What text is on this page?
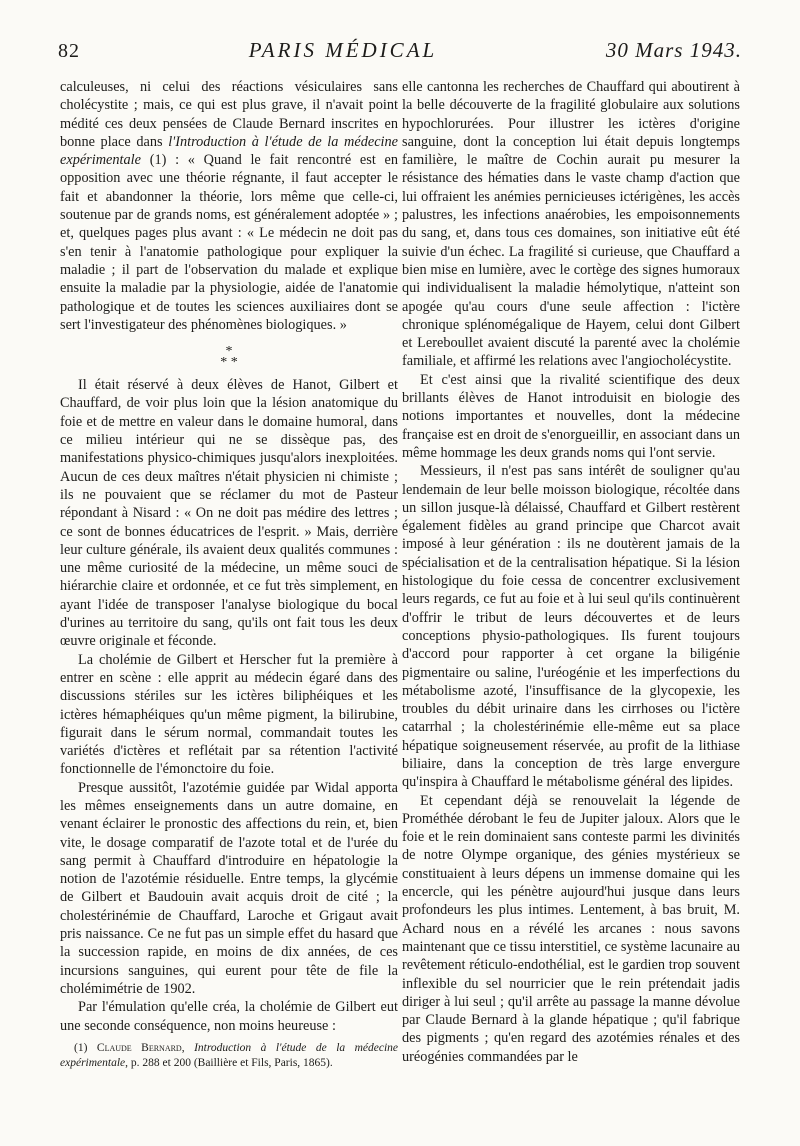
82	PARIS MÉDICAL	30 Mars 1943.

calculeuses, ni celui des réactions vésiculaires sans cholécystite ; mais, ce qui est plus grave, il n'avait point médité ces deux pensées de Claude Bernard inscrites en bonne place dans l'Introduction à l'étude de la médecine expérimentale (1) : « Quand le fait rencontré est en opposition avec une théorie régnante, il faut accepter le fait et abandonner la théorie, lors même que celle-ci, soutenue par de grands noms, est généralement adoptée » ; et, quelques pages plus avant : « Le médecin ne doit pas s'en tenir à l'anatomie pathologique pour expliquer la maladie ; il part de l'observation du malade et explique ensuite la maladie par la physiologie, aidée de l'anatomie pathologique et de toutes les sciences auxiliaires dont se sert l'investigateur des phénomènes biologiques. »

*
* *

Il était réservé à deux élèves de Hanot, Gilbert et Chauffard, de voir plus loin que la lésion anatomique du foie et de mettre en valeur dans le domaine humoral, dans ce milieu intérieur qui ne se dissèque pas, des manifestations physico-chimiques jusqu'alors inexploitées. Aucun de ces deux maîtres n'était physicien ni chimiste ; ils ne pouvaient que se réclamer du mot de Pasteur répondant à Nisard : « On ne doit pas médire des lettres ; ce sont de bonnes éducatrices de l'esprit. » Mais, derrière leur culture générale, ils avaient deux qualités communes : une même curiosité de la médecine, un même souci de hiérarchie claire et ordonnée, et ce fut très simplement, en ayant l'idée de transposer l'analyse biologique du bocal d'urines au territoire du sang, qu'ils ont fait tous les deux œuvre originale et féconde.

La cholémie de Gilbert et Herscher fut la première à entrer en scène : elle apprit au médecin égaré dans des discussions stériles sur les ictères biliphéiques et les ictères hémaphéiques qu'un même pigment, la bilirubine, figurait dans le sérum normal, commandait toutes les variétés d'ictères et reflétait par sa rétention l'activité fonctionnelle de l'émonctoire du foie.

Presque aussitôt, l'azotémie guidée par Widal apporta les mêmes enseignements dans un autre domaine, en venant éclairer le pronostic des affections du rein, et, bien vite, le dosage comparatif de l'azote total et de l'urée du sang permit à Chauffard d'introduire en hépatologie la notion de l'azotémie résiduelle. Entre temps, la glycémie de Gilbert et Baudouin avait acquis droit de cité ; la cholestérinémie de Chauffard, Laroche et Grigaut avait pris naissance. Ce ne fut pas un simple effet du hasard que la succession rapide, en moins de dix années, de ces incursions sanguines, qui eurent pour tête de file la cholémimétrie de 1902.

Par l'émulation qu'elle créa, la cholémie de Gilbert eut une seconde conséquence, non moins heureuse :

(1) Claude Bernard, Introduction à l'étude de la médecine expérimentale, p. 288 et 200 (Baillière et Fils, Paris, 1865).

elle cantonna les recherches de Chauffard qui aboutirent à la belle découverte de la fragilité globulaire aux solutions hypochlorurées. Pour illustrer les ictères d'origine sanguine, dont la conception lui était depuis longtemps familière, le maître de Cochin aurait pu mesurer la résistance des hématies dans le vaste champ d'action que lui offraient les anémies pernicieuses ictérigènes, les accès palustres, les infections anaérobies, les empoisonnements du sang, et, dans tous ces domaines, son initiative eût été suivie d'un échec. La fragilité si curieuse, que Chauffard a bien mise en lumière, avec le cortège des signes humoraux qui individualisent la maladie hémolytique, n'atteint son apogée qu'au cours d'une seule affection : l'ictère chronique splénomégalique de Hayem, celui dont Gilbert et Lereboullet avaient discuté la parenté avec la cholémie familiale, et affirmé les relations avec l'angiocholécystite.

Et c'est ainsi que la rivalité scientifique des deux brillants élèves de Hanot introduisit en biologie des notions importantes et nouvelles, dont la médecine française est en droit de s'enorgueillir, en associant dans un même hommage les deux grands noms qui l'ont servie.

Messieurs, il n'est pas sans intérêt de souligner qu'au lendemain de leur belle moisson biologique, récoltée dans un sillon jusque-là délaissé, Chauffard et Gilbert restèrent également fidèles au grand principe que Charcot avait imposé à leur génération : ils ne doutèrent jamais de la spécialisation et de la centralisation hépatique. Si la lésion histologique du foie cessa de concentrer exclusivement leurs regards, ce fut au foie et à lui seul qu'ils continuèrent d'offrir le tribut de leurs découvertes et de leurs conceptions physio-pathologiques. Ils furent toujours d'accord pour rapporter à cet organe la biligénie pigmentaire ou saline, l'uréogénie et les imperfections du métabolisme azoté, l'insuffisance de la glycopexie, les troubles du débit urinaire dans les cirrhoses ou l'ictère catarrhal ; la cholestérinémie elle-même eut sa place hépatique soigneusement réservée, au profit de la lithiase biliaire, dans la conception de très large envergure qu'inspira à Chauffard le métabolisme général des lipides.

Et cependant déjà se renouvelait la légende de Prométhée dérobant le feu de Jupiter jaloux. Alors que le foie et le rein dominaient sans conteste parmi les divinités de notre Olympe organique, des génies mystérieux se constituaient à leurs dépens un immense domaine qui les encercle, qui les pénètre aujourd'hui jusque dans leurs profondeurs les plus intimes. Lentement, à bas bruit, M. Achard nous en a révélé les arcanes : nous savons maintenant que ce tissu interstitiel, ce système lacunaire au revêtement réticulo-endothélial, est le gardien trop souvent inflexible du sel nourricier que le rein prétendait jadis diriger à lui seul ; qu'il arrête au passage la manne dévolue par Claude Bernard à la glande hépatique ; qu'il fabrique des pigments ; qu'en regard des azotémies rénales et des uréogénies commandées par le
